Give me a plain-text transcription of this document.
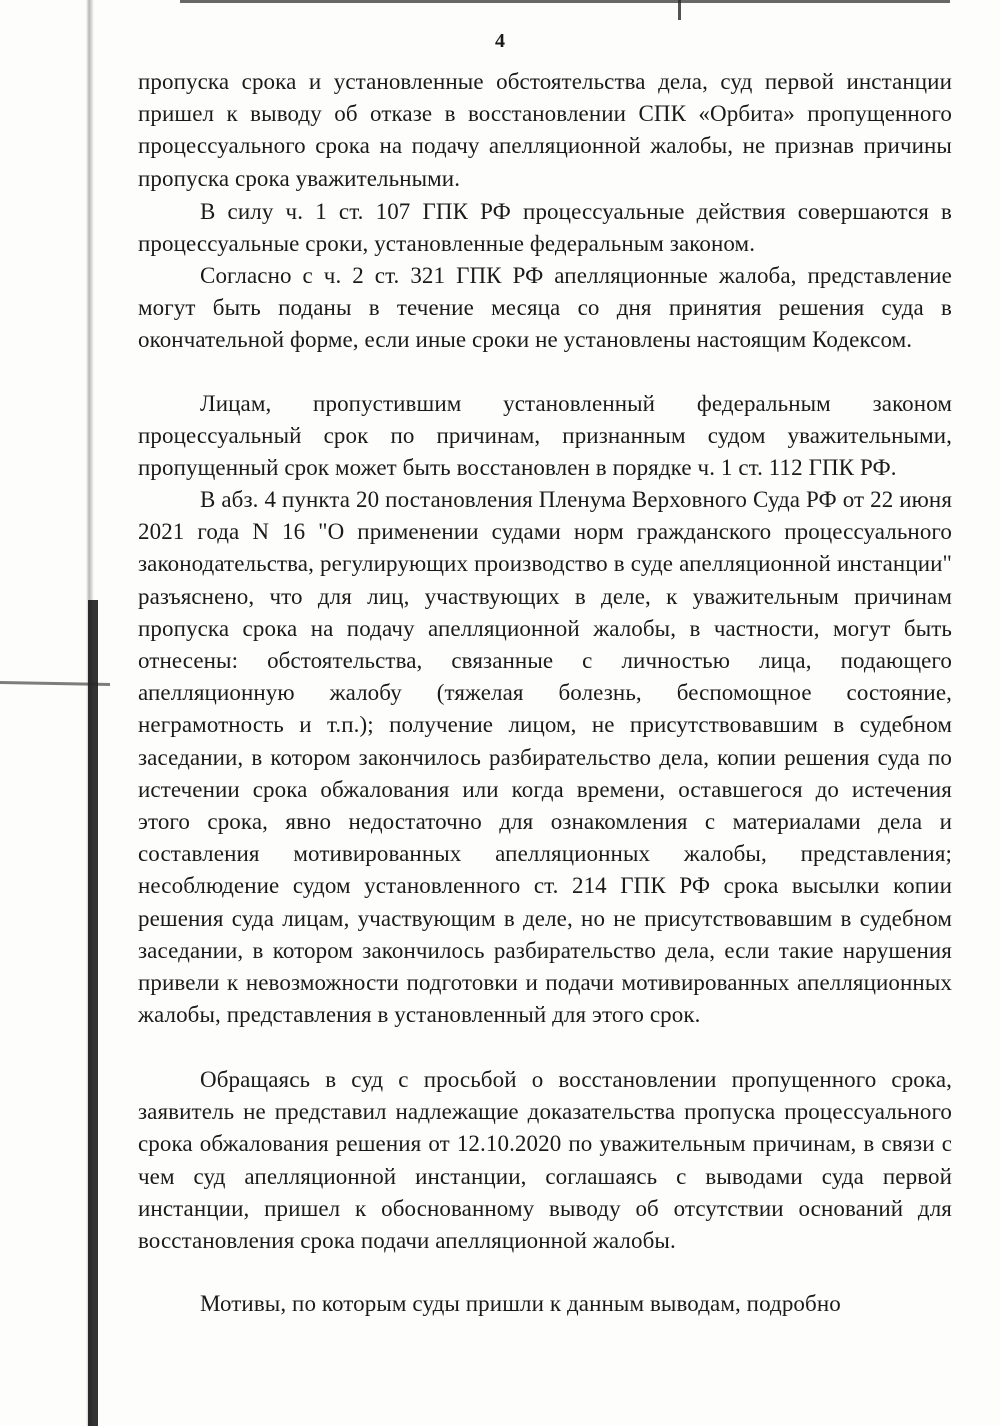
4

пропуска срока и установленные обстоятельства дела, суд первой инстанции пришел к выводу об отказе в восстановлении СПК «Орбита» пропущенного процессуального срока на подачу апелляционной жалобы, не признав причины пропуска срока уважительными.

В силу ч. 1 ст. 107 ГПК РФ процессуальные действия совершаются в процессуальные сроки, установленные федеральным законом.

Согласно с ч. 2 ст. 321 ГПК РФ апелляционные жалоба, представление могут быть поданы в течение месяца со дня принятия решения суда в окончательной форме, если иные сроки не установлены настоящим Кодексом.

Лицам, пропустившим установленный федеральным законом процессуальный срок по причинам, признанным судом уважительными, пропущенный срок может быть восстановлен в порядке ч. 1 ст. 112 ГПК РФ.

В абз. 4 пункта 20 постановления Пленума Верховного Суда РФ от 22 июня 2021 года N 16 "О применении судами норм гражданского процессуального законодательства, регулирующих производство в суде апелляционной инстанции" разъяснено, что для лиц, участвующих в деле, к уважительным причинам пропуска срока на подачу апелляционной жалобы, в частности, могут быть отнесены: обстоятельства, связанные с личностью лица, подающего апелляционную жалобу (тяжелая болезнь, беспомощное состояние, неграмотность и т.п.); получение лицом, не присутствовавшим в судебном заседании, в котором закончилось разбирательство дела, копии решения суда по истечении срока обжалования или когда времени, оставшегося до истечения этого срока, явно недостаточно для ознакомления с материалами дела и составления мотивированных апелляционных жалобы, представления; несоблюдение судом установленного ст. 214 ГПК РФ срока высылки копии решения суда лицам, участвующим в деле, но не присутствовавшим в судебном заседании, в котором закончилось разбирательство дела, если такие нарушения привели к невозможности подготовки и подачи мотивированных апелляционных жалобы, представления в установленный для этого срок.

Обращаясь в суд с просьбой о восстановлении пропущенного срока, заявитель не представил надлежащие доказательства пропуска процессуального срока обжалования решения от 12.10.2020 по уважительным причинам, в связи с чем суд апелляционной инстанции, соглашаясь с выводами суда первой инстанции, пришел к обоснованному выводу об отсутствии оснований для восстановления срока подачи апелляционной жалобы.

Мотивы, по которым суды пришли к данным выводам, подробно
